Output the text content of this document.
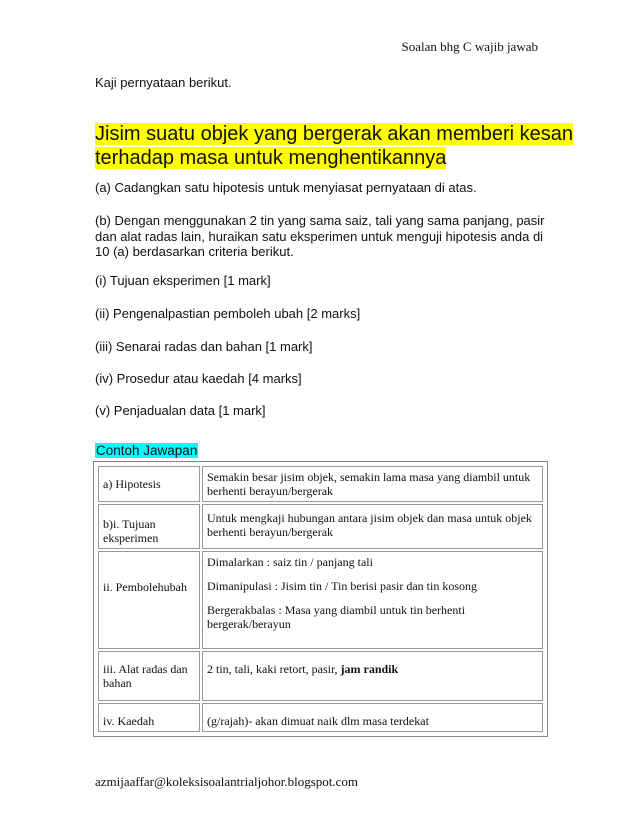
Soalan bhg C wajib jawab
Kaji pernyataan berikut.
Jisim suatu objek yang bergerak akan memberi kesan terhadap masa untuk menghentikannya
(a) Cadangkan satu hipotesis untuk menyiasat pernyataan di atas.
(b) Dengan menggunakan 2 tin yang sama saiz, tali yang sama panjang, pasir dan alat radas lain, huraikan satu eksperimen untuk menguji hipotesis anda di 10 (a) berdasarkan criteria berikut.
(i) Tujuan eksperimen [1 mark]
(ii) Pengenalpastian pemboleh ubah [2 marks]
(iii) Senarai radas dan bahan [1 mark]
(iv) Prosedur atau kaedah [4 marks]
(v) Penjadualan data [1 mark]
Contoh Jawapan
a) Hipotesis	Semakin besar jisim objek, semakin lama masa yang diambil untuk berhenti berayun/bergerak
b)i. Tujuan eksperimen	Untuk mengkaji hubungan antara jisim objek dan masa untuk objek berhenti berayun/bergerak
ii. Pembolehubah	Dimalarkan : saiz tin / panjang tali
Dimanipulasi : Jisim tin / Tin berisi pasir dan tin kosong
Bergerakbalas : Masa yang diambil untuk tin berhenti bergerak/berayun

iii. Alat radas dan bahan	2 tin, tali, kaki retort, pasir, jam randik
iv. Kaedah	(g/rajah)- akan dimuat naik dlm masa terdekat
azmijaaffar@koleksisoalantrialjohor.blogspot.com
